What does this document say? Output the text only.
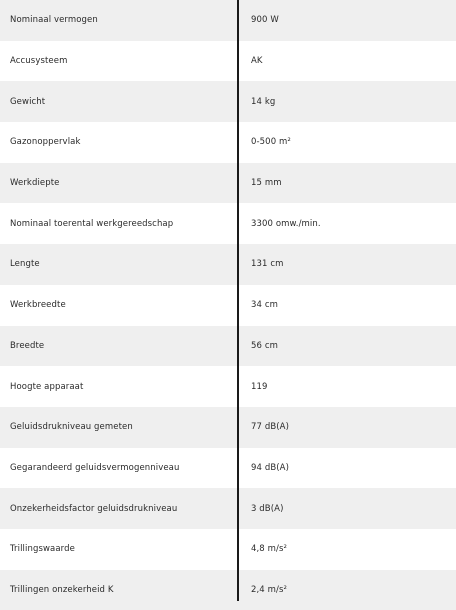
Nominaal vermogen	900 W
Accusysteem	AK
Gewicht	14 kg
Gazonoppervlak	0-500 m²
Werkdiepte	15 mm
Nominaal toerental werkgereedschap	3300 omw./min.
Lengte	131 cm
Werkbreedte	34 cm
Breedte	56 cm
Hoogte apparaat	119
Geluidsdrukniveau gemeten	77 dB(A)
Gegarandeerd geluidsvermogenniveau	94 dB(A)
Onzekerheidsfactor geluidsdrukniveau	3 dB(A)
Trillingswaarde	4,8 m/s²
Trillingen onzekerheid K	2,4 m/s²
